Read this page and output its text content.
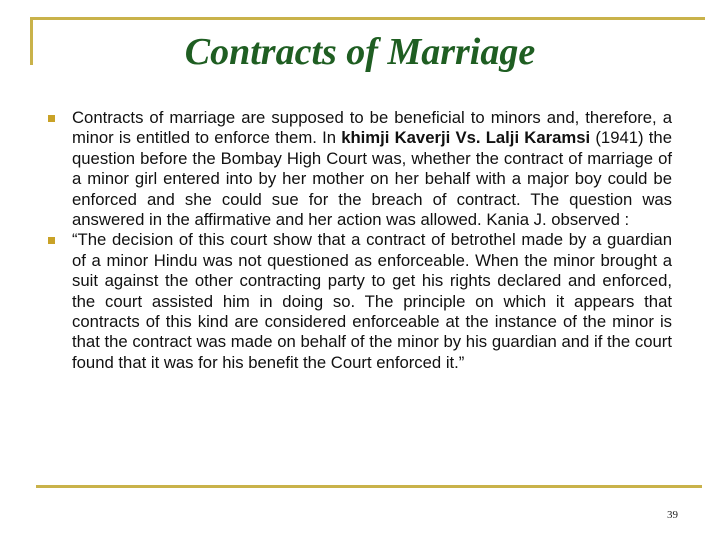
Contracts of Marriage

Contracts of marriage are supposed to be beneficial to minors and, therefore, a minor is entitled to enforce them. In khimji Kaverji Vs. Lalji Karamsi (1941) the question before the Bombay High Court was, whether the contract of marriage of a minor girl entered into by her mother on her behalf with a major boy could be enforced and she could sue for the breach of contract. The question was answered in the affirmative and her action was allowed. Kania J. observed :

“The decision of this court show that a contract of betrothel made by a guardian of a minor Hindu was not questioned as enforceable. When the minor brought a suit against the other contracting party to get his rights declared and enforced, the court assisted him in doing so. The principle on which it appears that contracts of this kind are considered enforceable at the instance of the minor is that the contract was made on behalf of the minor by his guardian and if the court found that it was for his benefit the Court enforced it.”

39
